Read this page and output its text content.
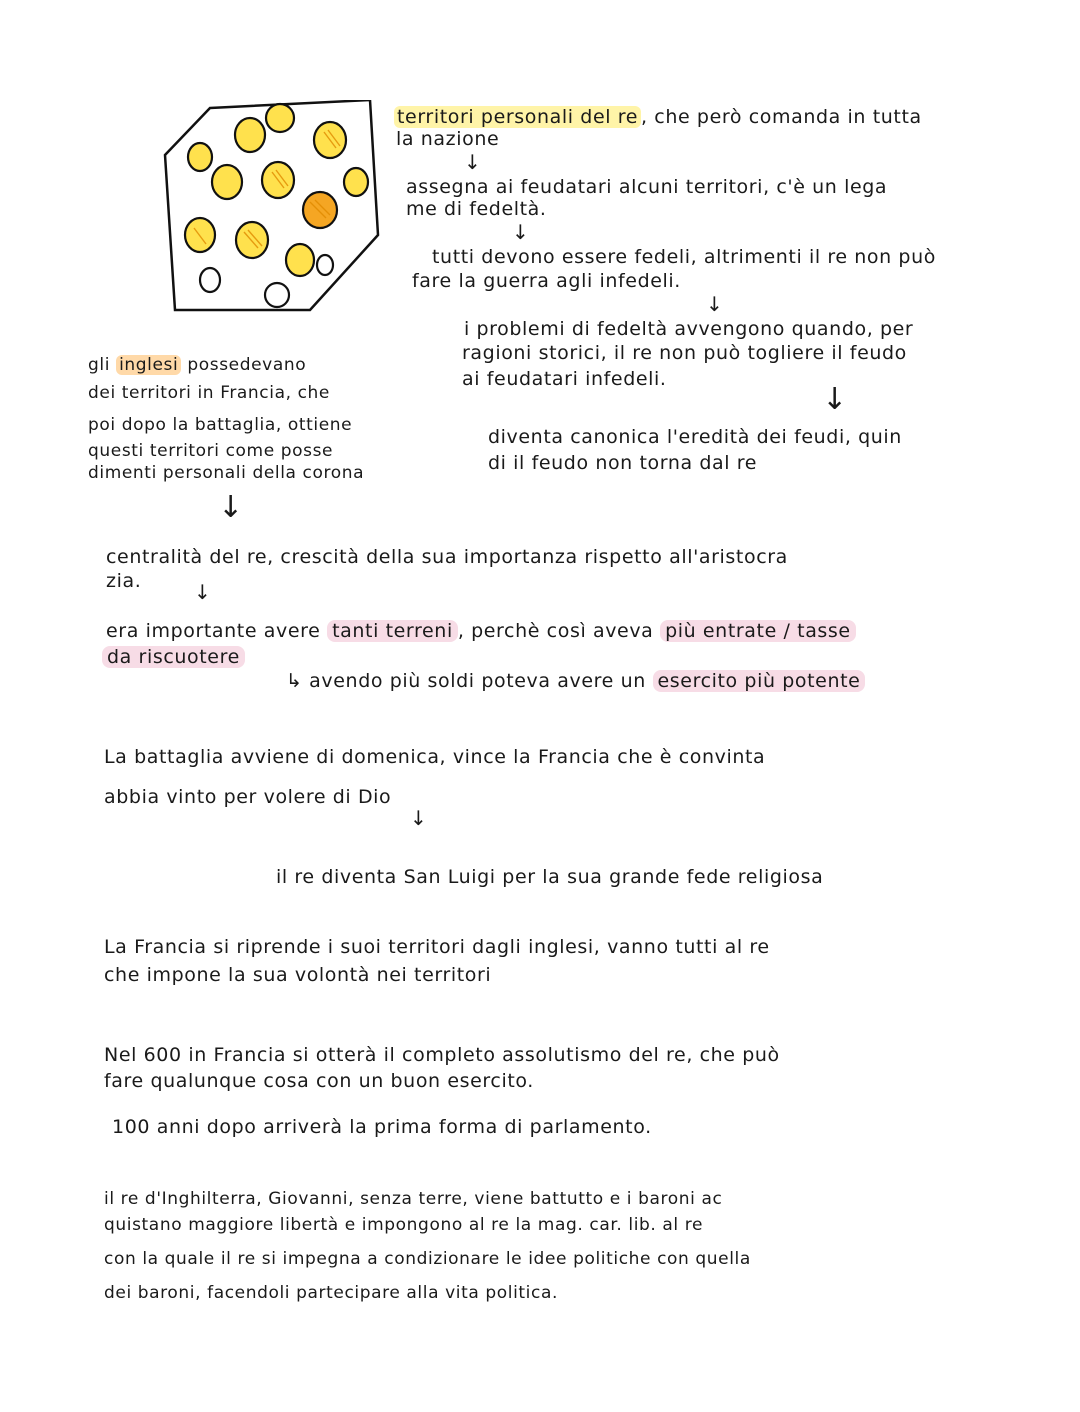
territori personali del re , che però comanda in tutta
la nazione
↓
assegna ai feudatari alcuni territori, c'è un lega
me di fedeltà.
↓
tutti devono essere fedeli, altrimenti il re non può
fare la guerra agli infedeli.
↓
i problemi di fedeltà avvengono quando, per
ragioni storici, il re non può togliere il feudo
ai feudatari infedeli.
↓
diventa canonica l'eredità dei feudi, quin
di il feudo non torna dal re
gli inglesi possedevano
dei territori in Francia, che
poi dopo la battaglia, ottiene
questi territori come posse
dimenti personali della corona
↓
centralità del re, crescità della sua importanza rispetto all'aristocra
zia.	↓
era importante avere tanti terreni , perchè così aveva più entrate / tasse
da riscuotere
↳ avendo più soldi poteva avere un esercito più potente
La battaglia avviene di domenica, vince la Francia che è convinta
abbia vinto per volere di Dio
↓
il re diventa San Luigi per la sua grande fede religiosa
La Francia si riprende i suoi territori dagli inglesi, vanno tutti al re
che impone la sua volontà nei territori
Nel 600 in Francia si otterà il completo assolutismo del re, che può
fare qualunque cosa con un buon esercito.
100 anni dopo arriverà la prima forma di parlamento.
il re d'Inghilterra, Giovanni, senza terre, viene battutto e i baroni ac
quistano maggiore libertà e impongono al re la mag. car. lib. al re
con la quale il re si impegna a condizionare le idee politiche con quella
dei baroni, facendoli partecipare alla vita politica.
